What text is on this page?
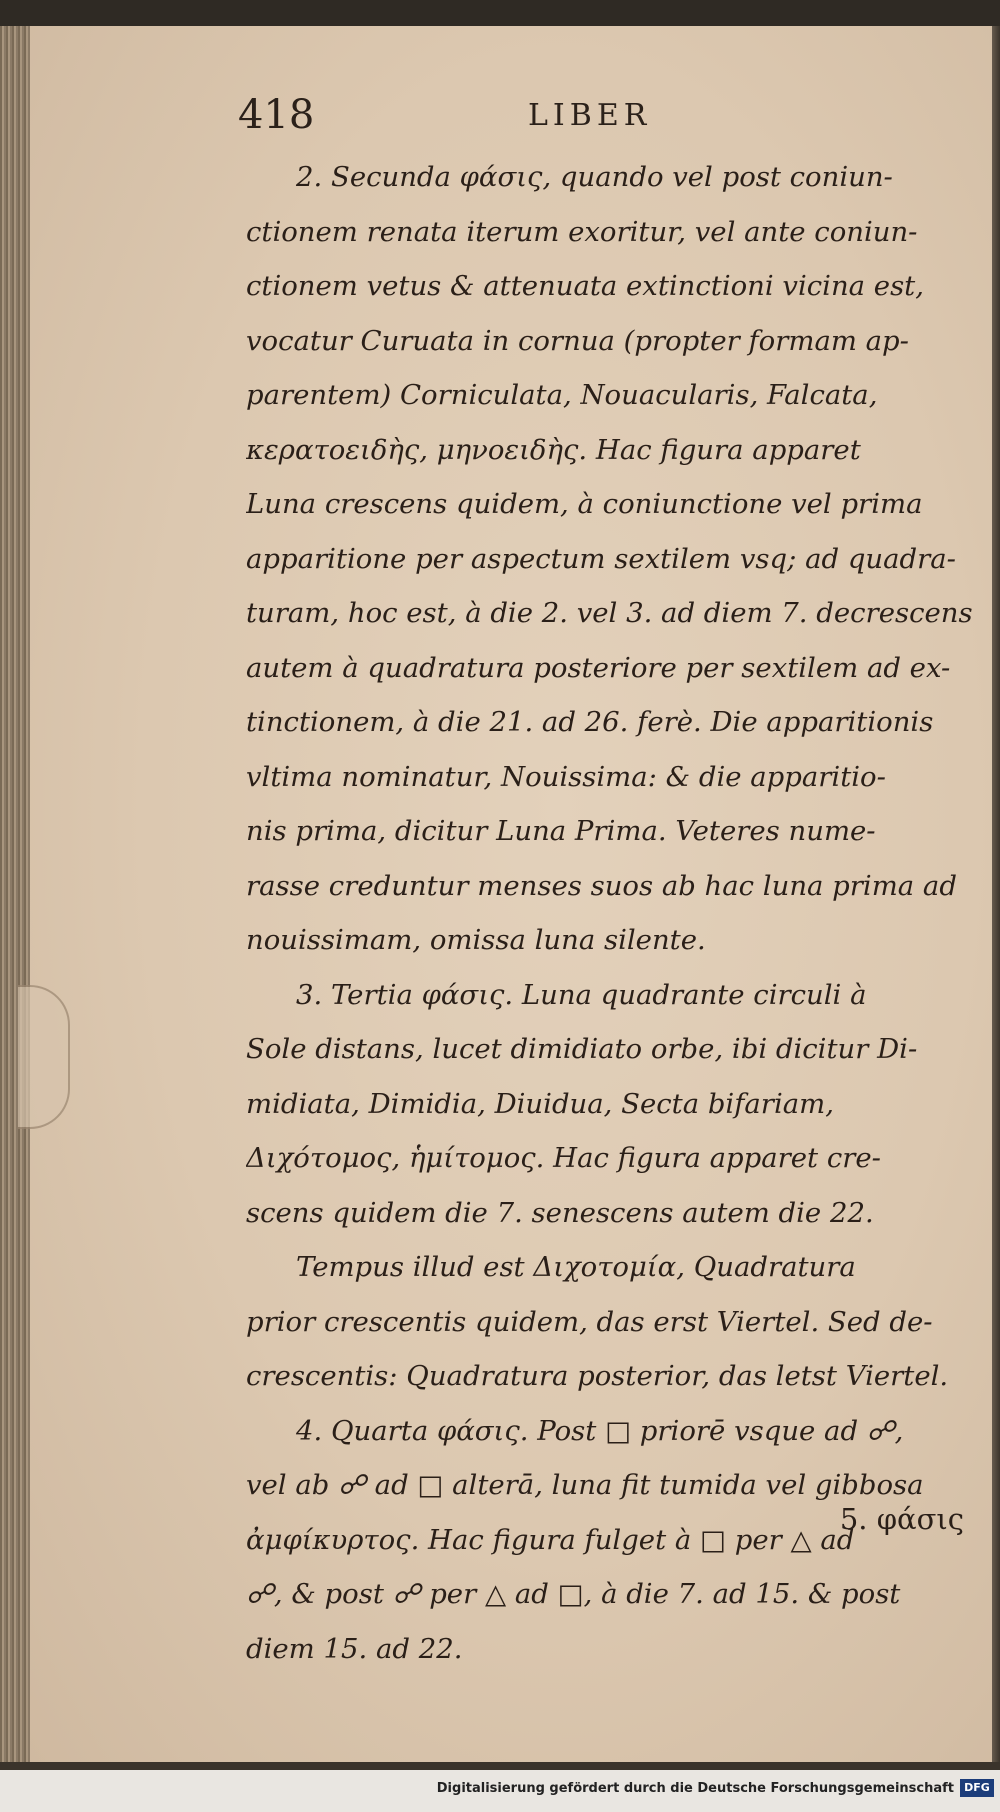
418	LIBER
2. Secunda φάσις, quando vel post coniun-
ctionem renata iterum exoritur, vel ante coniun-
ctionem vetus & attenuata extinctioni vicina est,
vocatur Curuata in cornua (propter formam ap-
parentem) Corniculata, Nouacularis, Falcata,
κερατοειδὴς, μηνοειδὴς. Hac figura apparet
Luna crescens quidem, à coniunctione vel prima
apparitione per aspectum sextilem vsq; ad quadra-
turam, hoc est, à die 2. vel 3. ad diem 7. decrescens
autem à quadratura posteriore per sextilem ad ex-
tinctionem, à die 21. ad 26. ferè. Die apparitionis
vltima nominatur, Nouissima: & die apparitio-
nis prima, dicitur Luna Prima. Veteres nume-
rasse creduntur menses suos ab hac luna prima ad
nouissimam, omissa luna silente.
3. Tertia φάσις. Luna quadrante circuli à
Sole distans, lucet dimidiato orbe, ibi dicitur Di-
midiata, Dimidia, Diuidua, Secta bifariam,
Διχότομος, ἡμίτομος. Hac figura apparet cre-
scens quidem die 7. senescens autem die 22.
Tempus illud est Διχοτομία, Quadratura
prior crescentis quidem, das erst Viertel. Sed de-
crescentis: Quadratura posterior, das letst Viertel.
4. Quarta φάσις. Post □ priorē vsque ad ☍,
vel ab ☍ ad □ alterā, luna fit tumida vel gibbosa
ἀμφίκυρτος. Hac figura fulget à □ per △ ad
☍, & post ☍ per △ ad □, à die 7. ad 15. & post
diem 15. ad 22.
5. φάσις
Digitalisierung gefördert durch die Deutsche Forschungsgemeinschaft DFG
